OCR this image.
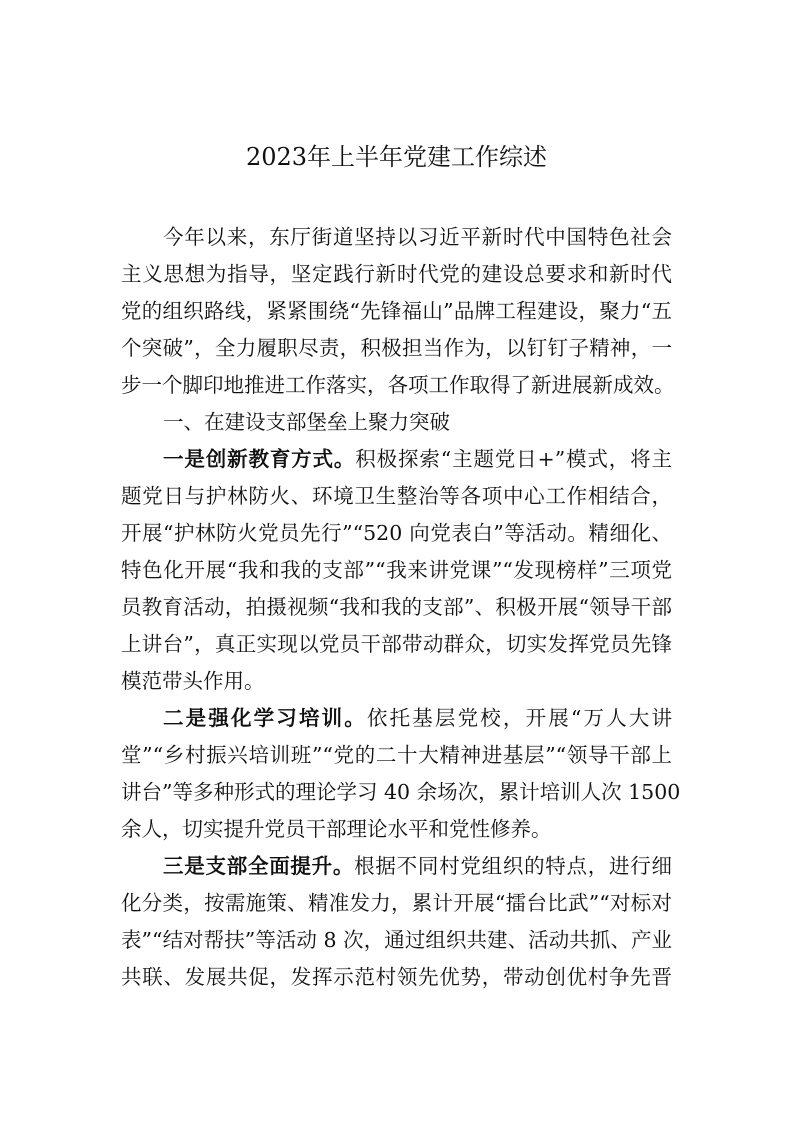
2023年上半年党建工作综述
今年以来，东厅街道坚持以习近平新时代中国特色社会
主义思想为指导，坚定践行新时代党的建设总要求和新时代
党的组织路线，紧紧围绕“先锋福山”品牌工程建设，聚力“五
个突破”，全力履职尽责，积极担当作为，以钉钉子精神，一
步一个脚印地推进工作落实，各项工作取得了新进展新成效。
一、在建设支部堡垒上聚力突破
一是创新教育方式。积极探索“主题党日+”模式，将主
题党日与护林防火、环境卫生整治等各项中心工作相结合，
开展“护林防火党员先行”“520 向党表白”等活动。精细化、
特色化开展“我和我的支部”“我来讲党课”“发现榜样”三项党
员教育活动，拍摄视频“我和我的支部”、积极开展“领导干部
上讲台”，真正实现以党员干部带动群众，切实发挥党员先锋
模范带头作用。
二是强化学习培训。依托基层党校，开展“万人大讲
堂”“乡村振兴培训班”“党的二十大精神进基层”“领导干部上
讲台”等多种形式的理论学习 40 余场次，累计培训人次 1500
余人，切实提升党员干部理论水平和党性修养。
三是支部全面提升。根据不同村党组织的特点，进行细
化分类，按需施策、精准发力，累计开展“擂台比武”“对标对
表”“结对帮扶”等活动 8 次，通过组织共建、活动共抓、产业
共联、发展共促，发挥示范村领先优势，带动创优村争先晋
